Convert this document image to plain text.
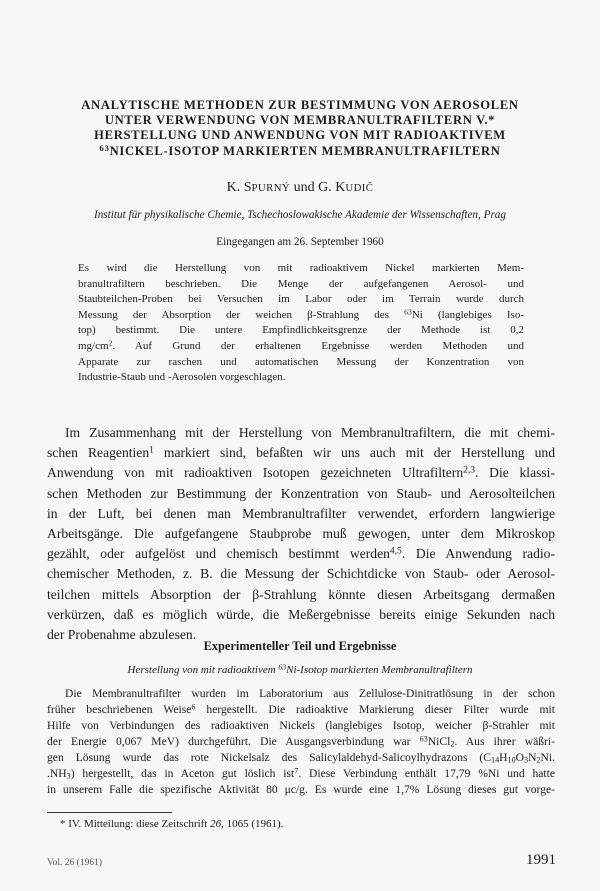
ANALYTISCHE METHODEN ZUR BESTIMMUNG VON AEROSOLEN
UNTER VERWENDUNG VON MEMBRANULTRAFILTERN V.*
HERSTELLUNG UND ANWENDUNG VON MIT RADIOAKTIVEM
$^{63}$NICKEL-ISOTOP MARKIERTEN MEMBRANULTRAFILTERN
K. SPURNÝ und G. KUDIČ
Institut für physikalische Chemie, Tschechoslowakische Akademie der Wissenschaften, Prag
Eingegangen am 26. September 1960

Es wird die Herstellung von mit radioaktivem Nickel markierten Mem-

branultrafiltern beschrieben. Die Menge der aufgefangenen Aerosol- und

Staubteilchen-Proben bei Versuchen im Labor oder im Terrain wurde durch

Messung der Absorption der weichen β-Strahlung des $^{63}$Ni (langlebiges Iso-

top) bestimmt. Die untere Empfindlichkeitsgrenze der Methode ist 0,2

$mg/cm^2$. Auf Grund der erhaltenen Ergebnisse werden Methoden und

Apparate zur raschen und automatischen Messung der Konzentration von

Industrie-Staub und -Aerosolen vorgeschlagen.

Im Zusammenhang mit der Herstellung von Membranultrafiltern, die mit chemi-

schen Reagentien$^1$ markiert sind, befaßten wir uns auch mit der Herstellung und

Anwendung von mit radioaktiven Isotopen gezeichneten Ultrafiltern$^{2,3}$. Die klassi-

schen Methoden zur Bestimmung der Konzentration von Staub- und Aerosolteilchen

in der Luft, bei denen man Membranultrafilter verwendet, erfordern langwierige

Arbeitsgänge. Die aufgefangene Staubprobe muß gewogen, unter dem Mikroskop

gezählt, oder aufgelöst und chemisch bestimmt werden$^{4,5}$. Die Anwendung radio-

chemischer Methoden, z. B. die Messung der Schichtdicke von Staub- oder Aerosol-

teilchen mittels Absorption der β-Strahlung könnte diesen Arbeitsgang dermaßen

verkürzen, daß es möglich würde, die Meßergebnisse bereits einige Sekunden nach

der Probenahme abzulesen.

Experimenteller Teil und Ergebnisse
Herstellung von mit radioaktivem $^{63}$Ni-Isotop markierten Membranultrafiltern

Die Membranultrafilter wurden im Laboratorium aus Zellulose-Dinitratlösung in der schon

früher beschriebenen Weise$^6$ hergestellt. Die radioaktive Markierung dieser Filter wurde mit

Hilfe von Verbindungen des radioaktiven Nickels (langlebiges Isotop, weicher β-Strahler mit

der Energie 0,067 MeV) durchgeführt. Die Ausgangsverbindung war $^{63}$NiCl$_2$. Aus ihrer wäßri-

gen Lösung wurde das rote Nickelsalz des Salicylaldehyd-Salicoylhydrazons ($C_{14}H_{10}O_3N_2Ni$.

$.NH_3$) hergestellt, das in Aceton gut löslich ist$^7$. Diese Verbindung enthält 17,79 %Ni und hatte

in unserem Falle die spezifische Aktivität 80 μc/g. Es wurde eine 1,7% Lösung dieses gut vorge-

* IV. Mitteilung: diese Zeitschrift 26, 1065 (1961).
Vol. 26 (1961)	1991
